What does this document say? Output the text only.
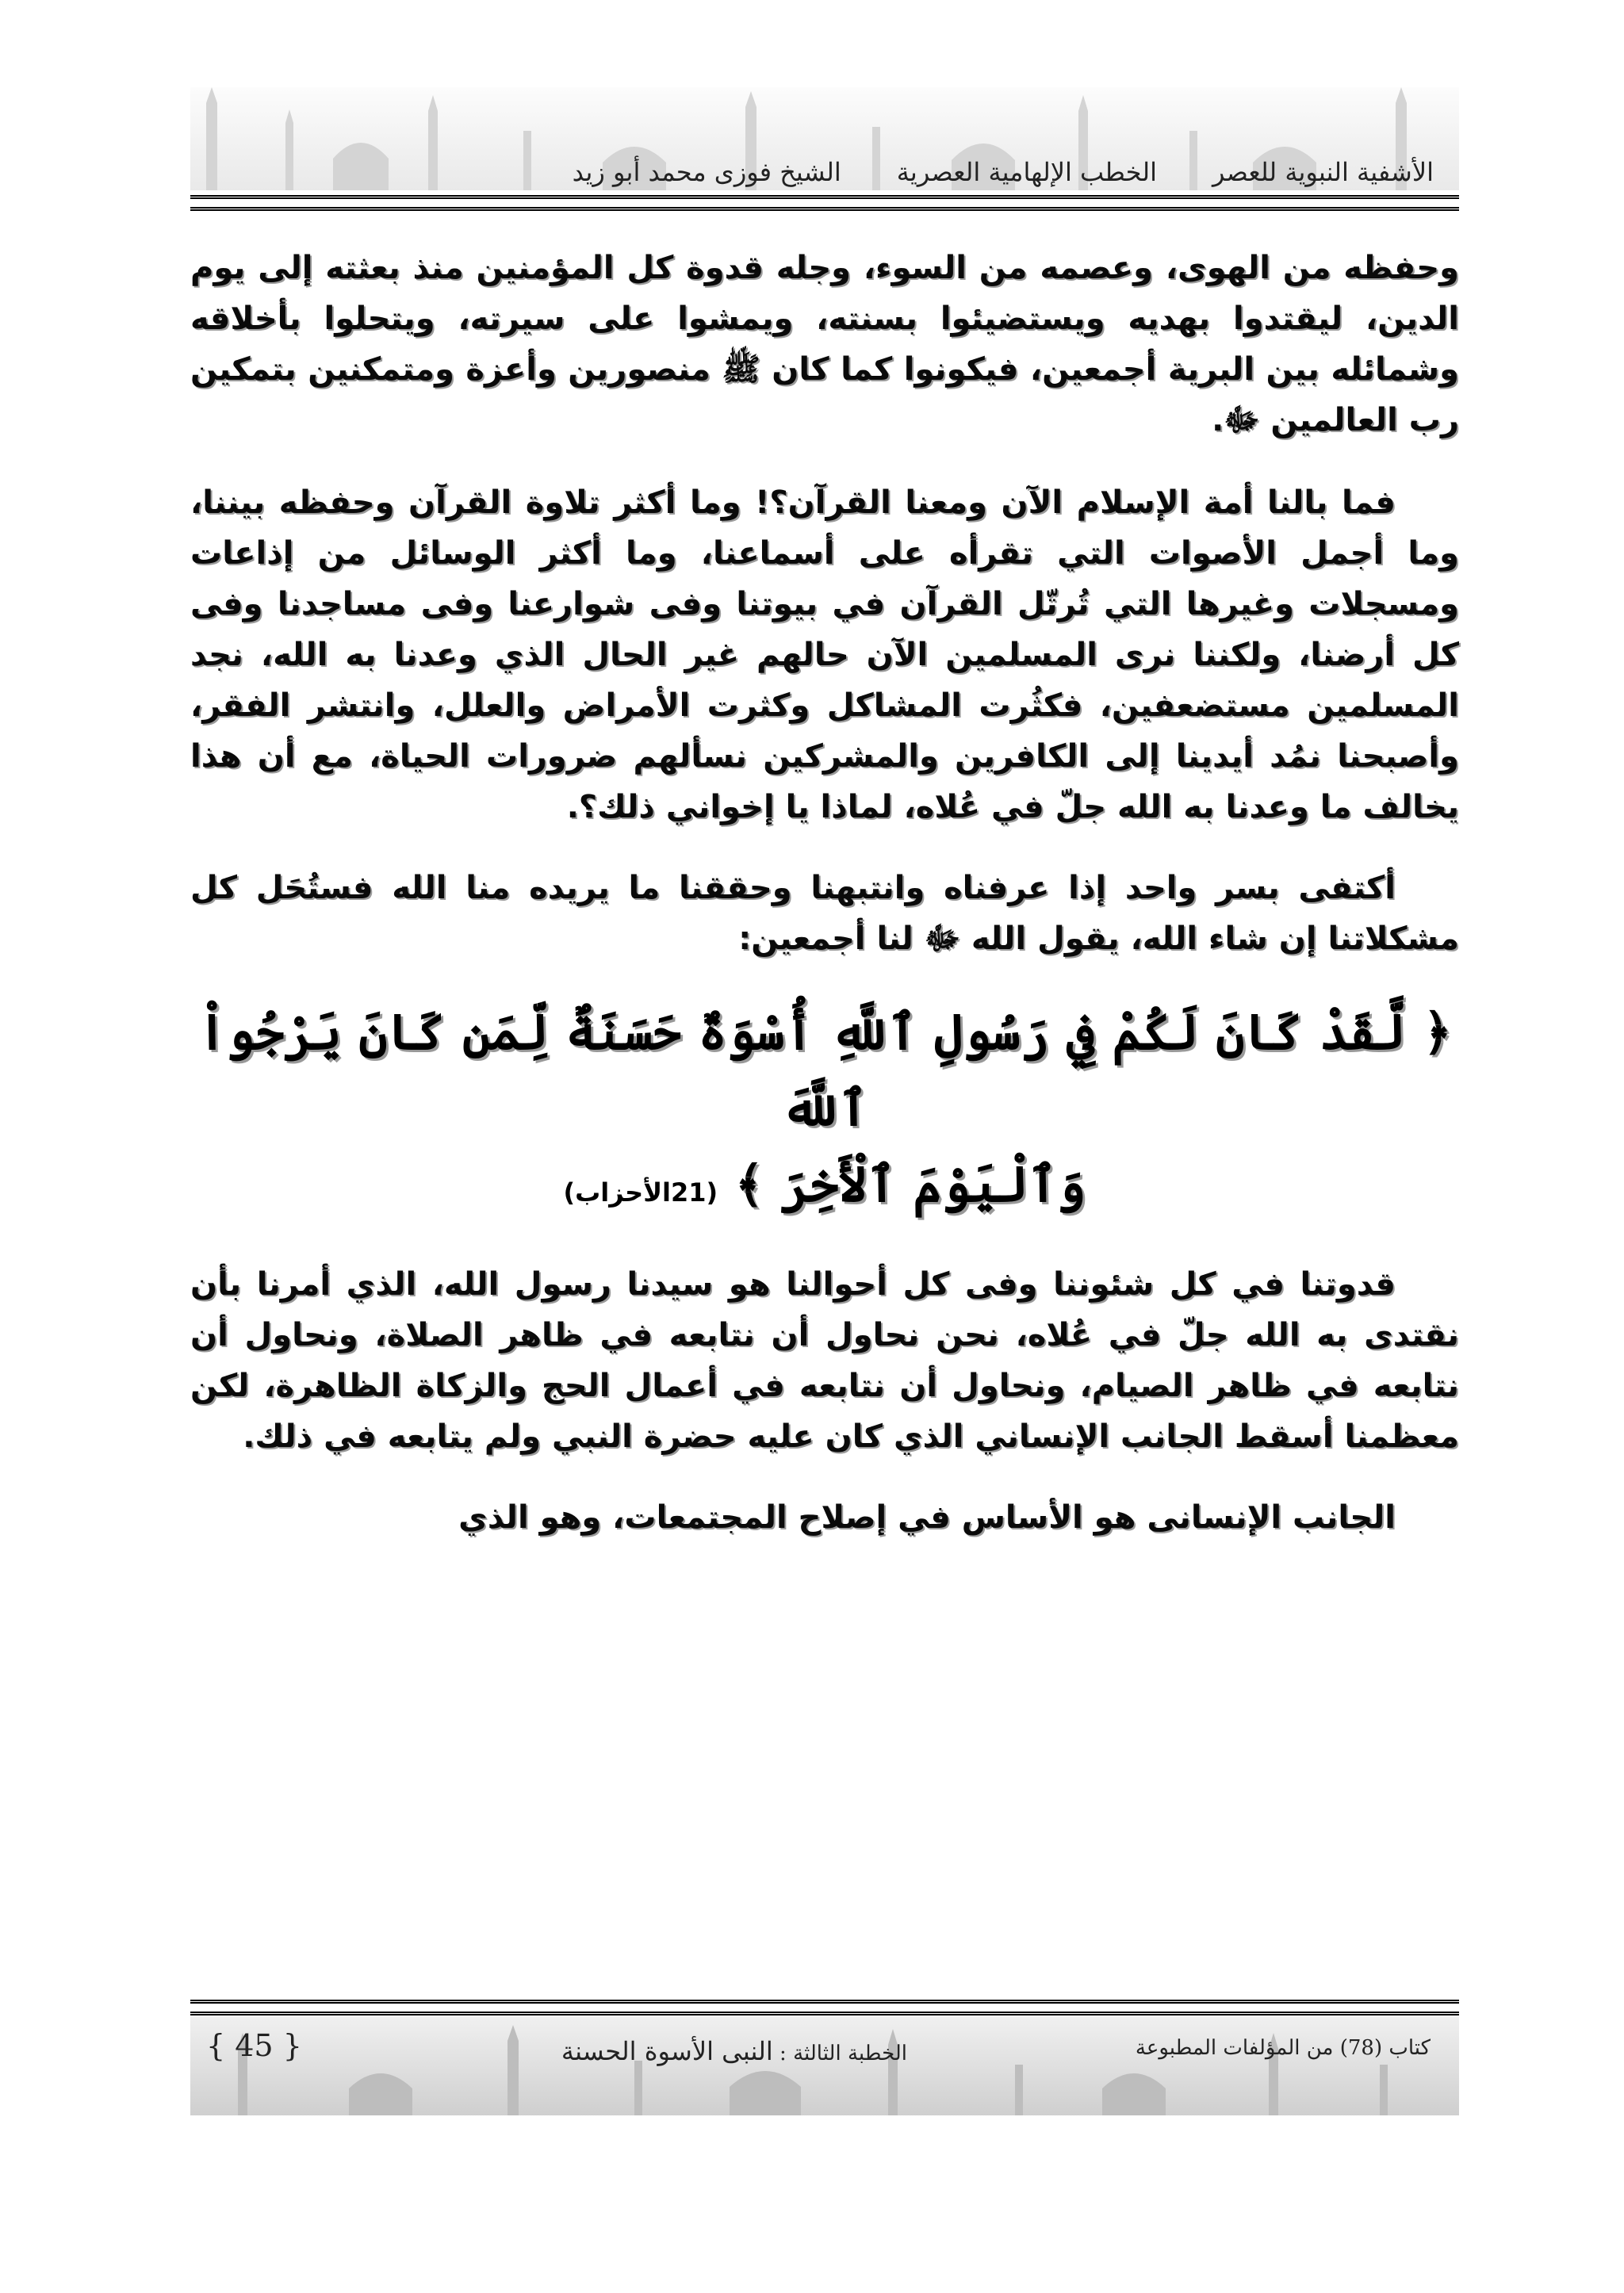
الأشفية النبوية للعصر
الخطب الإلهامية العصرية
الشيخ فوزى محمد أبو زيد

وحفظه من الهوى، وعصمه من السوء، وجله قدوة كل المؤمنين منذ بعثته إلى يوم الدين، ليقتدوا بهديه ويستضيئوا بسنته، ويمشوا على سيرته، ويتحلوا بأخلاقه وشمائله بين البرية أجمعين، فيكونوا كما كان ﷺ منصورين وأعزة ومتمكنين بتمكين رب العالمين ﷻ.

فما بالنا أمة الإسلام الآن ومعنا القرآن؟! وما أكثر تلاوة القرآن وحفظه بيننا، وما أجمل الأصوات التي تقرأه على أسماعنا، وما أكثر الوسائل من إذاعات ومسجلات وغيرها التي تُرتّل القرآن في بيوتنا وفى شوارعنا وفى مساجدنا وفى كل أرضنا، ولكننا نرى المسلمين الآن حالهم غير الحال الذي وعدنا به الله، نجد المسلمين مستضعفين، فكثُرت المشاكل وكثرت الأمراض والعلل، وانتشر الفقر، وأصبحنا نمُد أيدينا إلى الكافرين والمشركين نسألهم ضرورات الحياة، مع أن هذا يخالف ما وعدنا به الله جلّ في عُلاه، لماذا يا إخواني ذلك؟.

أكتفى بسر واحد إذا عرفناه وانتبهنا وحققنا ما يريده منا الله فستُحَل كل مشكلاتنا إن شاء الله، يقول الله ﷻ لنا أجمعين:

﴿ لَّقَدْ كَانَ لَكُمْ فِي رَسُولِ ٱللَّهِ أُسْوَةٌ حَسَنَةٌ لِّمَن كَانَ يَرْجُواْ ٱللَّهَ
وَٱلْيَوْمَ ٱلْأَخِرَ ﴾ (21الأحزاب)

قدوتنا في كل شئوننا وفى كل أحوالنا هو سيدنا رسول الله، الذي أمرنا بأن نقتدى به الله جلّ في عُلاه، نحن نحاول أن نتابعه في ظاهر الصلاة، ونحاول أن نتابعه في ظاهر الصيام، ونحاول أن نتابعه في أعمال الحج والزكاة الظاهرة، لكن معظمنا أسقط الجانب الإنساني الذي كان عليه حضرة النبي ولم يتابعه في ذلك.

الجانب الإنسانى هو الأساس في إصلاح المجتمعات، وهو الذي

كتاب (78) من المؤلفات المطبوعة
الخطبة الثالثة : النبى الأسوة الحسنة
{ 45 }
